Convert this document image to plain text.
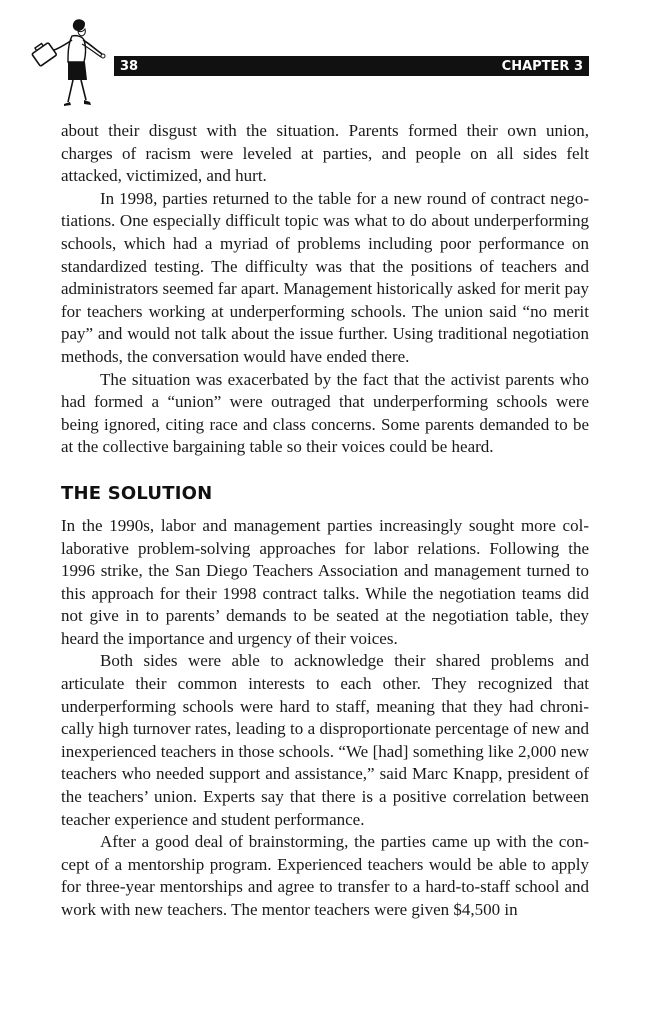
38	CHAPTER 3

about their disgust with the situation. Parents formed their own union, charges of racism were leveled at parties, and people on all sides felt attacked, victimized, and hurt.

In 1998, parties returned to the table for a new round of contract negotiations. One especially difficult topic was what to do about underperforming schools, which had a myriad of problems including poor performance on standardized testing. The difficulty was that the positions of teachers and administrators seemed far apart. Management historically asked for merit pay for teachers working at underperforming schools. The union said “no merit pay” and would not talk about the issue further. Using traditional negotiation methods, the conversation would have ended there.

The situation was exacerbated by the fact that the activist parents who had formed a “union” were outraged that underperforming schools were being ignored, citing race and class concerns. Some parents demanded to be at the collective bargaining table so their voices could be heard.

THE SOLUTION

In the 1990s, labor and management parties increasingly sought more collaborative problem-solving approaches for labor relations. Following the 1996 strike, the San Diego Teachers Association and management turned to this approach for their 1998 contract talks. While the negotiation teams did not give in to parents’ demands to be seated at the negotiation table, they heard the importance and urgency of their voices.

Both sides were able to acknowledge their shared problems and articulate their common interests to each other. They recognized that underperforming schools were hard to staff, meaning that they had chronically high turnover rates, leading to a disproportionate percentage of new and inexperienced teachers in those schools. “We [had] something like 2,000 new teachers who needed support and assistance,” said Marc Knapp, president of the teachers’ union. Experts say that there is a positive correlation between teacher experience and student performance.

After a good deal of brainstorming, the parties came up with the concept of a mentorship program. Experienced teachers would be able to apply for three-year mentorships and agree to transfer to a hard-to-staff school and work with new teachers. The mentor teachers were given $4,500 in
